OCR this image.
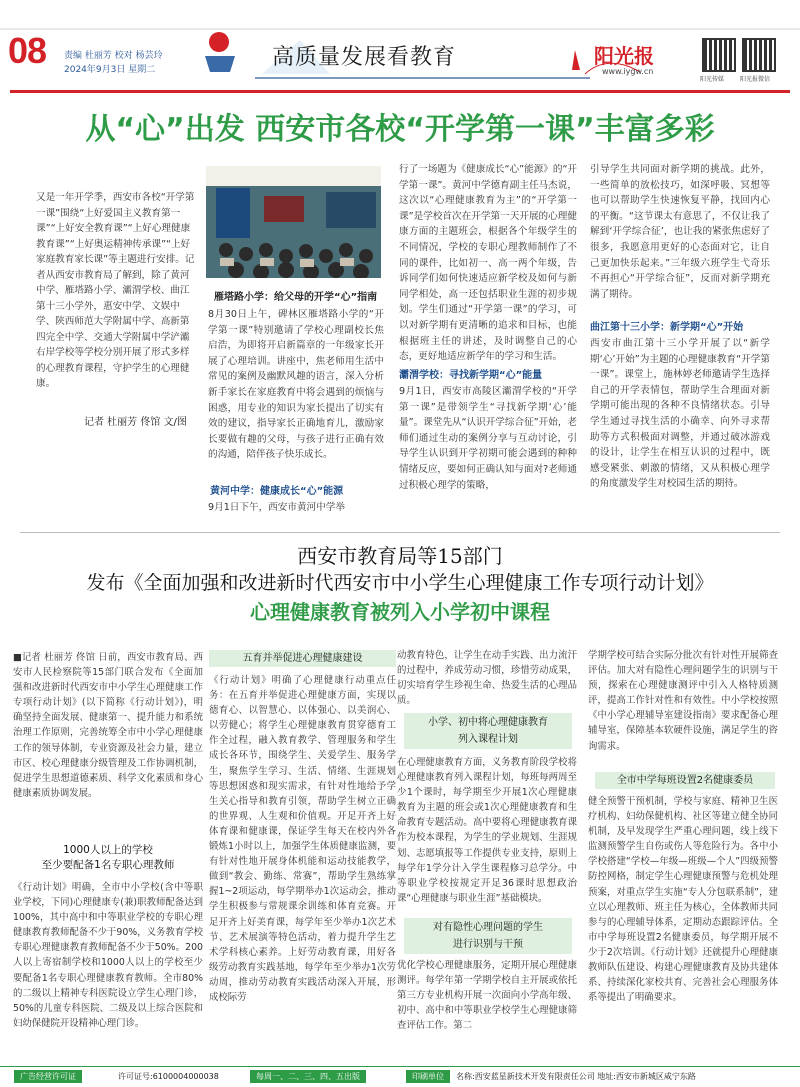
08 责编 杜丽芳 校对 杨芸玲
2024年9月3日 星期二	高质量发展看教育	阳光报
www.iygw.cn
阳光传媒	阳光报微信
从“心”出发 西安市各校“开学第一课”丰富多彩
又是一年开学季，西安市各校“开学第一课”围绕“上好爱国主义教育第一课”“上好安全教育课”“上好心理健康教育课”“上好奥运精神传承课”“上好家庭教育家长课”等主题进行安排。记者从西安市教育局了解到，除了黄河中学、雁塔路小学、灞渭学校、曲江第十三小学外，惠安中学、文娱中学、陕西师范大学附属中学、高新第四完全中学、交通大学附属中学浐灞右岸学校等学校分别开展了形式多样的心理教育课程，守护学生的心理健康。
记者 杜丽芳 佟馆 文/图
雁塔路小学：给父母的开学“心”指南
8月30日上午，碑林区雁塔路小学的“开学第一课”特别邀请了学校心理副校长焦启浩，为即将开启新篇章的一年级家长开展了心理培训。讲座中，焦老师用生活中常见的案例及幽默风趣的语言，深入分析新手家长在家庭教育中将会遇到的烦恼与困惑，用专业的知识为家长提出了切实有效的建议，指导家长正确地育儿，激励家长要做有趣的父母，与孩子进行正确有效的沟通，陪伴孩子快乐成长。
黄河中学：健康成长“心”能源
9月1日下午，西安市黄河中学举
行了一场题为《健康成长“心”能源》的“开学第一课”。黄河中学德育副主任马杰说，这次以“心理健康教育为主”的“开学第一课”是学校首次在开学第一天开展的心理健康方面的主题班会，根据各个年级学生的不同情况，学校的专职心理教师制作了不同的课件，比如初一、高一两个年级，告诉同学们如何快速适应新学校及如何与新同学相处，高一还包括职业生涯的初步规划。学生们通过“开学第一课”的学习，可以对新学期有更清晰的追求和目标，也能根据班主任的讲述，及时调整自己的心态，更好地适应新学年的学习和生活。
灞渭学校：寻找新学期“心”能量
9月1日，西安市高陵区灞渭学校的“开学第一课”是带领学生“寻找新学期‘心’能量”。课堂先从“认识开学综合征”开始，老师们通过生动的案例分享与互动讨论，引导学生认识到开学初期可能会遇到的种种情绪反应，要如何正确认知与面对?老师通过积极心理学的策略，
引导学生共同面对新学期的挑战。此外，一些简单的放松技巧，如深呼吸、冥想等也可以帮助学生快速恢复平静，找回内心的平衡。“这节课太有意思了，不仅让我了解到‘开学综合征’，也让我的紧张焦虑好了很多，我愿意用更好的心态面对它，让自己更加快乐起来。”三年级六班学生弋奇乐不再担心“开学综合征”，反而对新学期充满了期待。
曲江第十三小学：新学期“心”开始
西安市曲江第十三小学开展了以“新学期‘心’开始”为主题的心理健康教育“开学第一课”。课堂上，施林婷老师邀请学生选择自己的开学表情包，帮助学生合理面对新学期可能出现的各种不良情绪状态。引导学生通过寻找生活的小确幸、向外寻求帮助等方式积极面对调整，并通过破冰游戏的设计，让学生在相互认识的过程中，既感受紧张、刺激的情绪，又从积极心理学的角度激发学生对校园生活的期待。
西安市教育局等15部门
发布《全面加强和改进新时代西安市中小学生心理健康工作专项行动计划》
心理健康教育被列入小学初中课程
■记者 杜丽芳 佟馆 日前，西安市教育局、西安市人民检察院等15部门联合发布《全面加强和改进新时代西安市中小学生心理健康工作专项行动计划》(以下简称《行动计划》)，明确坚持全面发展、健康第一、提升能力和系统治理工作原则，完善统筹全市中小学心理健康工作的领导体制，专业资源及社会力量，建立市区、校心理健康分级管理及工作协调机制，促进学生思想道德素质、科学文化素质和身心健康素质协调发展。
1000人以上的学校
至少要配备1名专职心理教师
《行动计划》明确，全市中小学校(含中等职业学校，下同)心理健康专(兼)职教师配备达到100%，其中高中和中等职业学校的专职心理健康教育教师配备不少于90%，义务教育学校专职心理健康教育教师配备不少于50%。200人以上寄宿制学校和1000人以上的学校至少要配备1名专职心理健康教育教师。全市80%的二级以上精神专科医院设立学生心理门诊，50%的儿童专科医院、二级及以上综合医院和妇幼保健院开设精神心理门诊。
五育并举促进心理健康建设
《行动计划》明确了心理健康行动重点任务：在五育并举促进心理健康方面，实现以德育心、以智慧心、以体强心、以美润心、以劳健心；将学生心理健康教育贯穿德育工作全过程，融入教育教学、管理服务和学生成长各环节，围绕学生、关爱学生、服务学生，聚焦学生学习、生活、情绪、生涯规划等思想困惑和现实需求，有针对性地给予学生关心指导和教育引领，帮助学生树立正确的世界观、人生观和价值观。开足开齐上好体育课和健康课，保证学生每天在校内外各锻炼1小时以上，加强学生体质健康监测，要有针对性地开展身体机能和运动技能教学，做到“教会、勤练、常赛”，帮助学生熟练掌握1~2项运动，每学期举办1次运动会，推动学生积极参与常规课余训练和体育竞赛。开足开齐上好美育课，每学年至少举办1次艺术节、艺术展演等特色活动，着力提升学生艺术学科核心素养。上好劳动教育课，用好各级劳动教育实践基地，每学年至少举办1次劳动周，推动劳动教育实践活动深入开展，形成校际劳
动教育特色，让学生在动手实践、出力流汗的过程中，养成劳动习惯，珍惜劳动成果，切实培育学生珍视生命、热爱生活的心理品质。
小学、初中将心理健康教育
列入课程计划
在心理健康教育方面，义务教育阶段学校将心理健康教育列入课程计划，每班每两周至少1个课时，每学期至少开展1次心理健康教育为主题的班会或1次心理健康教育和生命教育专题活动。高中要将心理健康教育课作为校本课程，为学生的学业规划、生涯规划、志愿填报等工作提供专业支持，原则上每学年1学分计入学生课程修习总学分。中等职业学校按规定开足36课时思想政治课“心理健康与职业生涯”基础模块。
对有隐性心理问题的学生
进行识别与干预
优化学校心理健康服务，定期开展心理健康测评。每学年第一学期学校自主开展或依托第三方专业机构开展一次面向小学高年级、初中、高中和中等职业学校学生心理健康筛查评估工作。第二
学期学校可结合实际分批次有针对性开展筛查评估。加大对有隐性心理问题学生的识别与干预，探索在心理健康测评中引入人格特质测评，提高工作针对性和有效性。中小学校按照《中小学心理辅导室建设指南》要求配备心理辅导室，保障基本软硬件设施，满足学生的咨询需求。
全市中学每班设置2名健康委员
健全预警干预机制，学校与家庭、精神卫生医疗机构、妇幼保健机构、社区等建立健全协同机制，及早发现学生严重心理问题，线上线下监测预警学生自伤或伤人等危险行为。各中小学校搭建“学校—年级—班级—个人”四级预警防控网格，制定学生心理健康预警与危机处理预案，对重点学生实施“专人分包联系制”，建立以心理教师、班主任为核心，全体教师共同参与的心理辅导体系，定期动态跟踪评估。全市中学每班设置2名健康委员，每学期开展不少于2次培训。《行动计划》还就提升心理健康教师队伍建设、构建心理健康教育及协共建体系、持续深化家校共育、完善社会心理服务体系等提出了明确要求。
广告经营许可证	许可证号:6100004000038	每周一、二、三、四、五出版	印刷单位	名称:西安蓝星新技术开发有限责任公司 地址:西安市新城区咸宁东路
